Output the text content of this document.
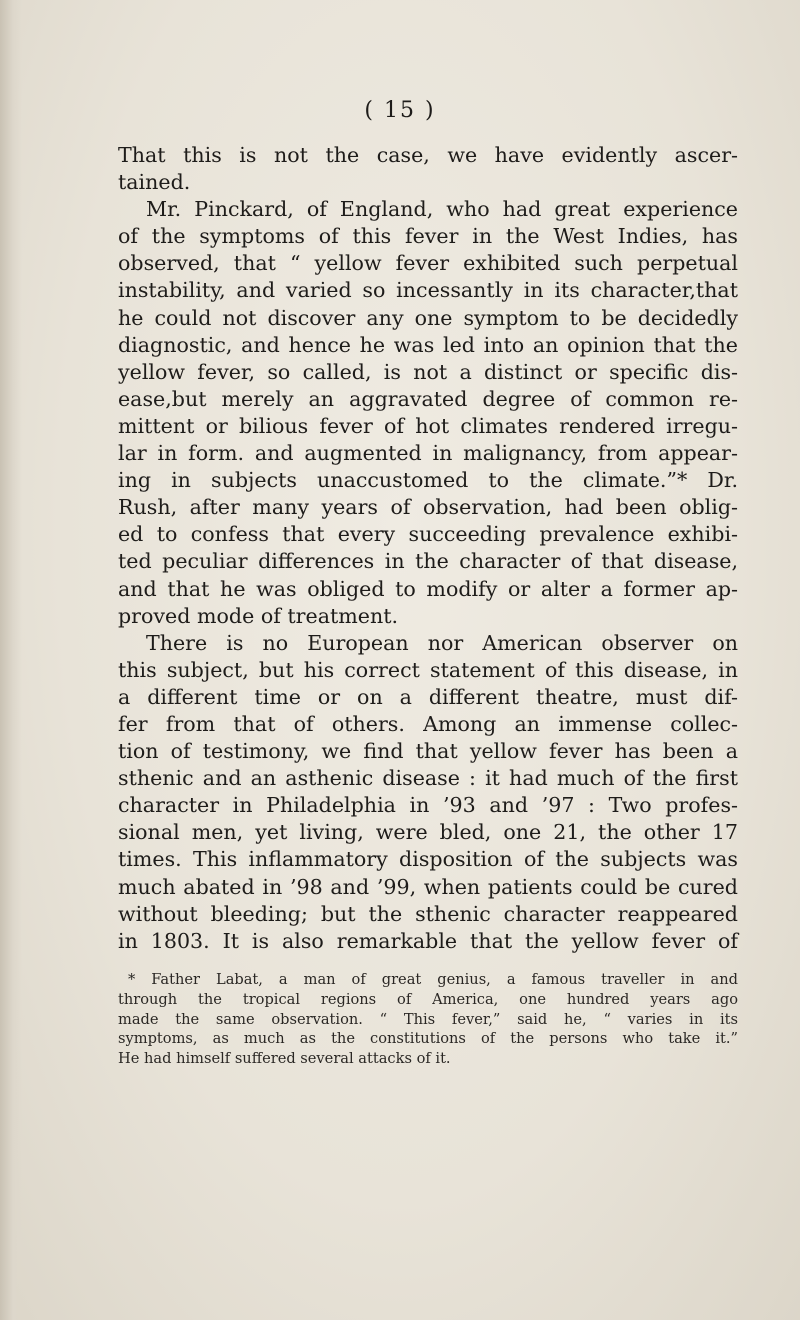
( 15 )
That this is not the case, we have evidently ascer-
tained.
Mr. Pinckard, of England, who had great experience
of the symptoms of this fever in the West Indies, has
observed, that “ yellow fever exhibited such perpetual
instability, and varied so incessantly in its character,that
he could not discover any one symptom to be decidedly
diagnostic, and hence he was led into an opinion that the
yellow fever, so called, is not a distinct or specific dis-
ease,but merely an aggravated degree of common re-
mittent or bilious fever of hot climates rendered irregu-
lar in form. and augmented in malignancy, from appear-
ing in subjects unaccustomed to the climate.”* Dr.
Rush, after many years of observation, had been oblig-
ed to confess that every succeeding prevalence exhibi-
ted peculiar differences in the character of that disease,
and that he was obliged to modify or alter a former ap-
proved mode of treatment.
There is no European nor American observer on
this subject, but his correct statement of this disease, in
a different time or on a different theatre, must dif-
fer from that of others. Among an immense collec-
tion of testimony, we find that yellow fever has been a
sthenic and an asthenic disease : it had much of the first
character in Philadelphia in ’93 and ’97 : Two profes-
sional men, yet living, were bled, one 21, the other 17
times. This inflammatory disposition of the subjects was
much abated in ’98 and ’99, when patients could be cured
without bleeding; but the sthenic character reappeared
in 1803. It is also remarkable that the yellow fever of
* Father Labat, a man of great genius, a famous traveller in and
through the tropical regions of America, one hundred years ago
made the same observation. “ This fever,” said he, “ varies in its
symptoms, as much as the constitutions of the persons who take it.”
He had himself suffered several attacks of it.
